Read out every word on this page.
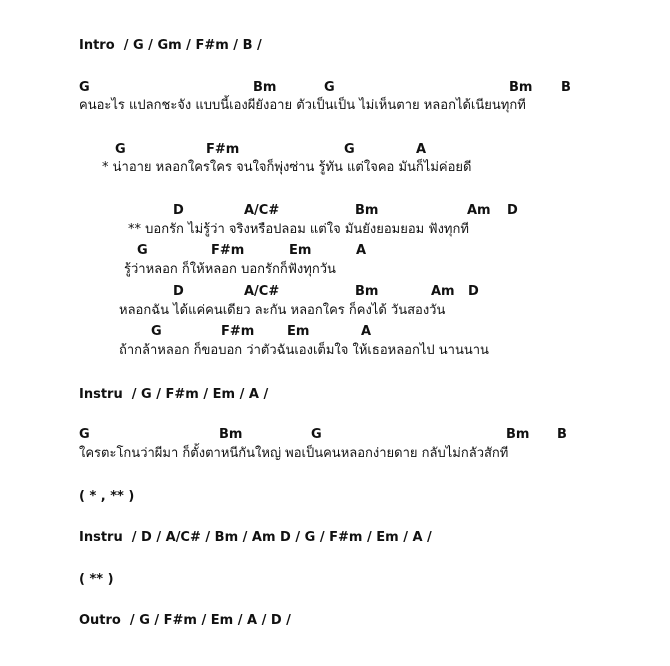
Intro  / G / Gm / F#m / B /
G	Bm	G	Bm B
คนอะไร แปลกชะจัง แบบนี้เองผียังอาย ตัวเป็นเป็น ไม่เห็นตาย หลอกได้เนียนทุกที
G	F#m	G	A
* น่าอาย หลอกใครใคร จนใจก็พุ่งซ่าน รู้ทัน แต่ใจคอ มันก็ไม่ค่อยดี
D	A/C#	Bm	Am D
** บอกรัก ไม่รู้ว่า จริงหรือปลอม แต่ใจ มันยังยอมยอม ฟังทุกที
G	F#m	Em	A
รู้ว่าหลอก ก็ให้หลอก บอกรักก็ฟังทุกวัน
D	A/C#	Bm	Am D
หลอกฉัน ได้แค่คนเดียว ละกัน หลอกใคร ก็คงได้ วันสองวัน
G	F#m	Em	A
ถ้ากล้าหลอก ก็ขอบอก ว่าตัวฉันเองเต็มใจ ให้เธอหลอกไป นานนาน
Instru  / G / F#m / Em / A /
G	Bm	G	Bm B
ใครตะโกนว่าผีมา ก็ตั้งตาหนีกันใหญ่ พอเป็นคนหลอกง่ายดาย กลับไม่กลัวสักที
( * , ** )
Instru  / D / A/C# / Bm / Am D / G / F#m / Em / A /
( ** )
Outro  / G / F#m / Em / A / D /
